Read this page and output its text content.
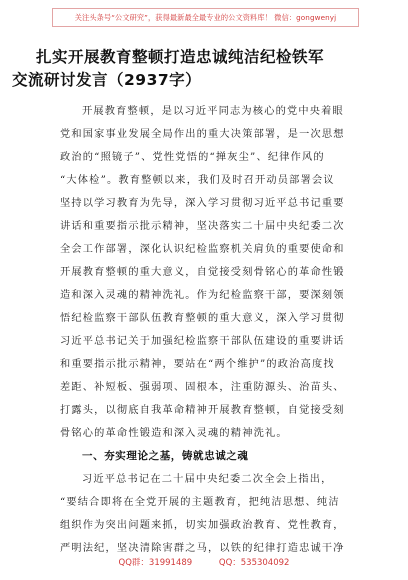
关注头条号“公文研究”，获得最新最全最专业的公文资料库！ 微信：gongwenyj
扎实开展教育整顿打造忠诚纯洁纪检铁军
交流研讨发言（2937字）
开展教育整顿，是以习近平同志为核心的党中央着眼
党和国家事业发展全局作出的重大决策部署，是一次思想
政治的“照镜子”、党性党悟的“掸灰尘”、纪律作风的
“大体检”。教育整顿以来，我们及时召开动员部署会议
坚持以学习教育为先导，深入学习贯彻习近平总书记重要
讲话和重要指示批示精神，坚决落实二十届中央纪委二次
全会工作部署，深化认识纪检监察机关肩负的重要使命和
开展教育整顿的重大意义，自觉接受刻骨铭心的革命性锻
造和深入灵魂的精神洗礼。作为纪检监察干部，要深刻领
悟纪检监察干部队伍教育整顿的重大意义，深入学习贯彻
习近平总书记关于加强纪检监察干部队伍建设的重要讲话
和重要指示批示精神，要站在“两个维护”的政治高度找
差距、补短板、强弱项、固根本，注重防源头、治苗头、
打露头，以彻底自我革命精神开展教育整顿，自觉接受刻
骨铭心的革命性锻造和深入灵魂的精神洗礼。
一、夯实理论之基，铸就忠诚之魂
习近平总书记在二十届中央纪委二次全会上指出，
“要结合即将在全党开展的主题教育，把纯洁思想、纯洁
组织作为突出问题来抓，切实加强政治教育、党性教育，
严明法纪，坚决清除害群之马，以铁的纪律打造忠诚干净
QQ群：31991489	QQ：535304092
